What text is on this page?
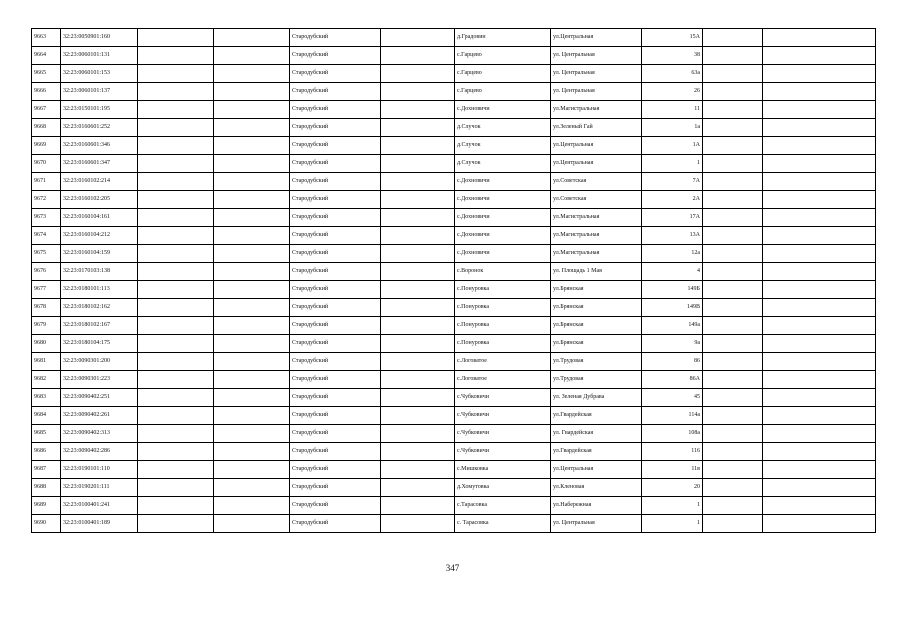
9663	32:23:0050901:160			Стародубский		д.Градовин	ул.Центральная	15А		
9664	32:23:0060101:131			Стародубский		с.Гарцево	ул. Центральная	38		
9665	32:23:0060101:153			Стародубский		с.Гарцево	ул. Центральная	63а		
9666	32:23:0060101:137			Стародубский		с.Гарцево	ул. Центральная	26		
9667	32:23:0150101:195			Стародубский		с.Дохновичи	ул.Магистральная	11		
9668	32:23:0160601:252			Стародубский		д.Случок	ул.Зеленый Гай	1а		
9669	32:23:0160601:346			Стародубский		д.Случок	ул.Центральная	1А		
9670	32:23:0160601:347			Стародубский		д.Случок	ул.Центральная	1		
9671	32:23:0160102:214			Стародубский		с.Дохновичи	ул.Советская	7А		
9672	32:23:0160102:205			Стародубский		с.Дохновичи	ул.Советская	2А		
9673	32:23:0160104:161			Стародубский		с.Дохновичи	ул.Магистральная	17А		
9674	32:23:0160104:212			Стародубский		с.Дохновичи	ул.Магистральная	13А		
9675	32:23:0160104:159			Стародубский		с.Дохновичи	ул.Магистральная	12а		
9676	32:23:0170103:138			Стародубский		с.Воронок	ул. Площадь 1 Мая	4		
9677	32:23:0180101:113			Стародубский		с.Понуровка	ул.Брянская	149Б		
9678	32:23:0180102:162			Стародубский		с.Понуровка	ул.Брянская	149В		
9679	32:23:0180102:167			Стародубский		с.Понуровка	ул.Брянская	149а		
9680	32:23:0180104:175			Стародубский		с.Понуровка	ул.Брянская	9а		
9681	32:23:0090301:200			Стародубский		с.Логоватое	ул.Трудовая	86		
9682	32:23:0090301:223			Стародубский		с.Логоватое	ул.Трудовая	86А		
9683	32:23:0090402:251			Стародубский		с.Чубковичи	ул. Зеленая Дубрава	45		
9684	32:23:0090402:261			Стародубский		с.Чубковичи	ул.Гвардейская	114а		
9685	32:23:0090402:313			Стародубский		с.Чубковичи	ул. Гвардейская	108а		
9686	32:23:0090402:286			Стародубский		с.Чубковичи	ул.Гвардейская	116		
9687	32:23:0190101:110			Стародубский		с.Мишковка	ул.Центральная	11в		
9688	32:23:0190201:111			Стародубский		д.Хомутовка	ул.Кленовая	20		
9689	32:23:0100401:241			Стародубский		с.Тарасовка	ул.Набережная	1		
9690	32:23:0100401:189			Стародубский		с. Тарасовка	ул. Центральная	1		
347
